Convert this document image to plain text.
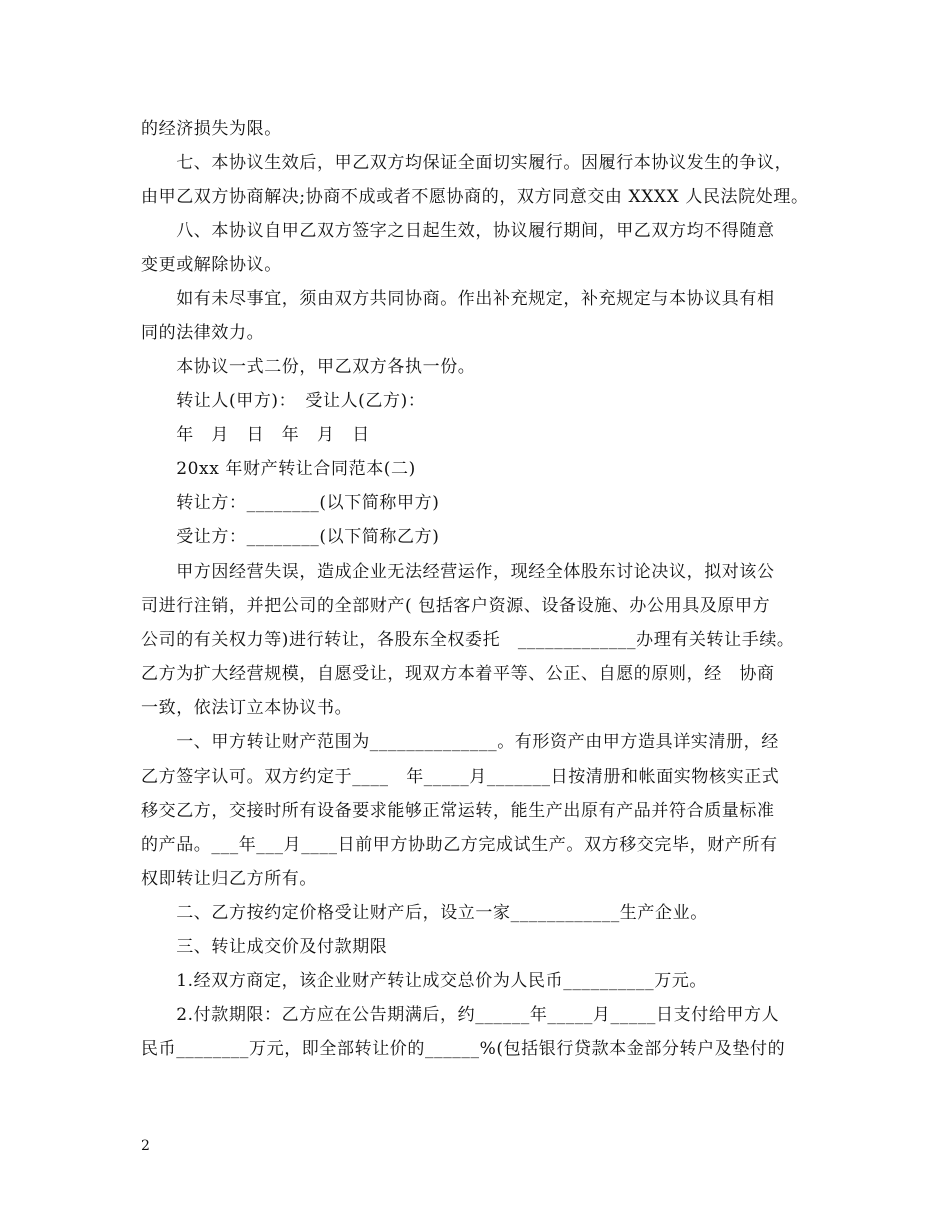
的经济损失为限。
　　七、本协议生效后，甲乙双方均保证全面切实履行。因履行本协议发生的争议，
由甲乙双方协商解决;协商不成或者不愿协商的，双方同意交由 XXXX 人民法院处理。
　　八、本协议自甲乙双方签字之日起生效，协议履行期间，甲乙双方均不得随意
变更或解除协议。
　　如有未尽事宜，须由双方共同协商。作出补充规定，补充规定与本协议具有相
同的法律效力。
　　本协议一式二份，甲乙双方各执一份。
　　转让人(甲方)：　受让人(乙方)：
　　年　月　日　年　月　日
　　20xx 年财产转让合同范本(二)
　　转让方：________(以下简称甲方)
　　受让方：________(以下简称乙方)
　　甲方因经营失误，造成企业无法经营运作，现经全体股东讨论决议，拟对该公
司进行注销，并把公司的全部财产( 包括客户资源、设备设施、办公用具及原甲方
公司的有关权力等)进行转让，各股东全权委托　_____________办理有关转让手续。
乙方为扩大经营规模，自愿受让，现双方本着平等、公正、自愿的原则，经　协商
一致，依法订立本协议书。
　　一、甲方转让财产范围为______________。有形资产由甲方造具详实清册，经
乙方签字认可。双方约定于____　年_____月_______日按清册和帐面实物核实正式
移交乙方，交接时所有设备要求能够正常运转，能生产出原有产品并符合质量标准
的产品。___年___月____日前甲方协助乙方完成试生产。双方移交完毕，财产所有
权即转让归乙方所有。
　　二、乙方按约定价格受让财产后，设立一家____________生产企业。
　　三、转让成交价及付款期限
　　1.经双方商定，该企业财产转让成交总价为人民币__________万元。
　　2.付款期限：乙方应在公告期满后，约______年_____月_____日支付给甲方人
民币________万元，即全部转让价的______%(包括银行贷款本金部分转户及垫付的
2
